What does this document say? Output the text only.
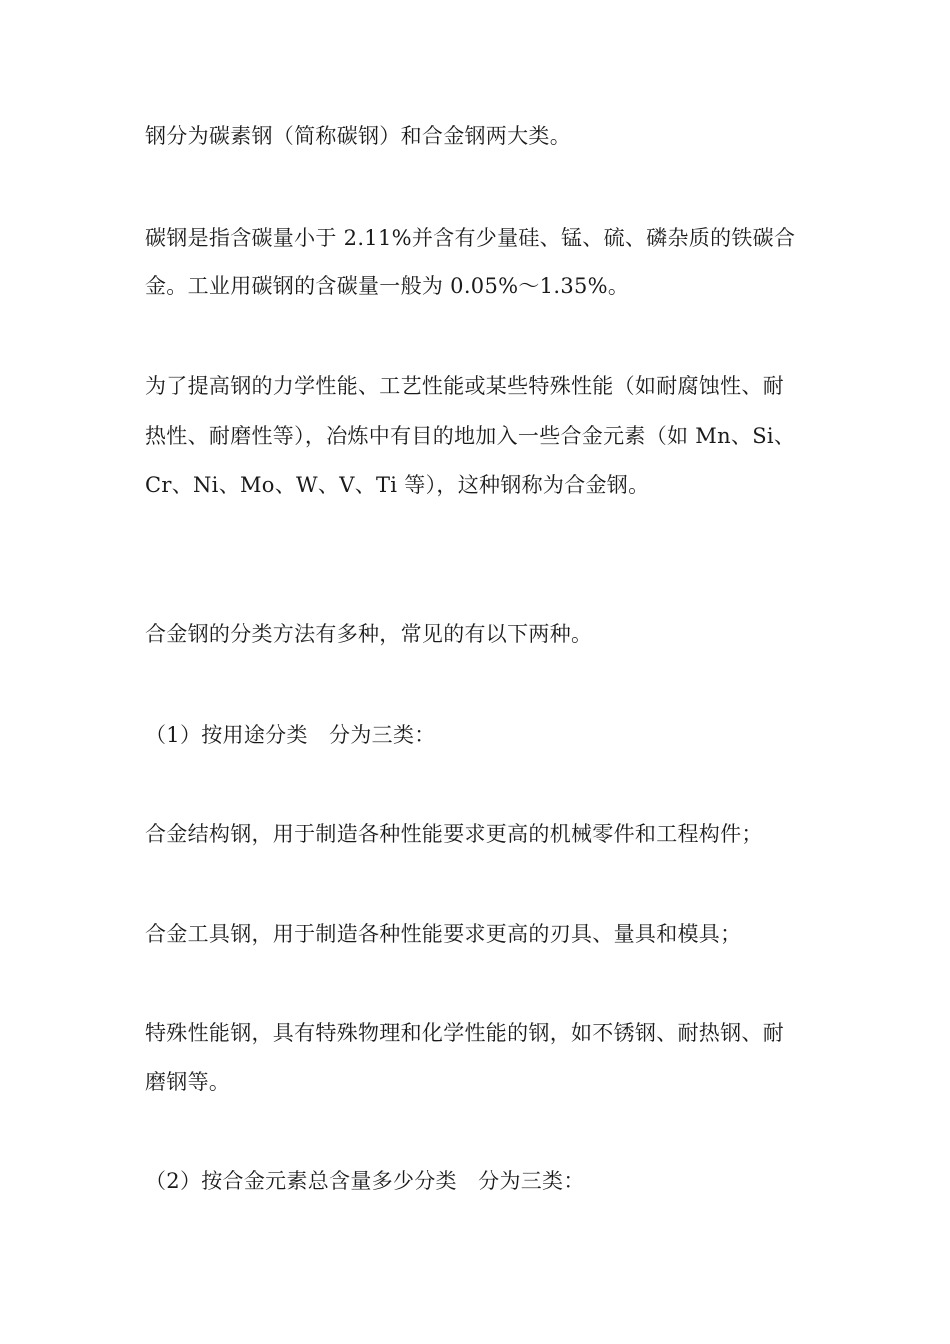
钢分为碳素钢（简称碳钢）和合金钢两大类。
碳钢是指含碳量小于 2.11%并含有少量硅、锰、硫、磷杂质的铁碳合
金。工业用碳钢的含碳量一般为 0.05%～1.35%。
为了提高钢的力学性能、工艺性能或某些特殊性能（如耐腐蚀性、耐
热性、耐磨性等），冶炼中有目的地加入一些合金元素（如 Mn、Si、
Cr、Ni、Mo、W、V、Ti 等），这种钢称为合金钢。
合金钢的分类方法有多种，常见的有以下两种。
（1）按用途分类　分为三类：
合金结构钢，用于制造各种性能要求更高的机械零件和工程构件；
合金工具钢，用于制造各种性能要求更高的刃具、量具和模具；
特殊性能钢，具有特殊物理和化学性能的钢，如不锈钢、耐热钢、耐
磨钢等。
（2）按合金元素总含量多少分类　分为三类：
